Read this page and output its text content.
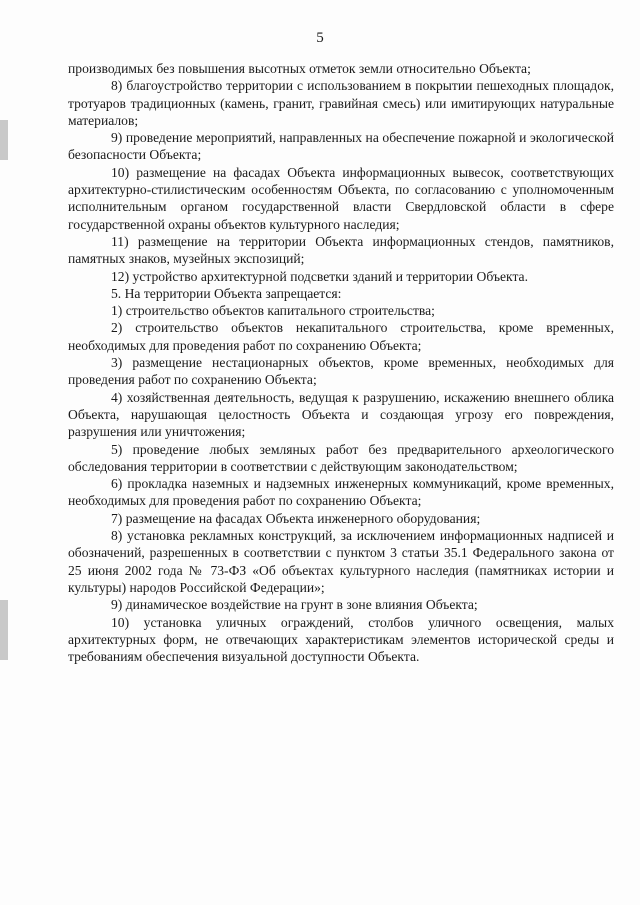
5

производимых без повышения высотных отметок земли относительно Объекта;

8) благоустройство территории с использованием в покрытии пешеходных площадок, тротуаров традиционных (камень, гранит, гравийная смесь) или имитирующих натуральные материалов;

9) проведение мероприятий, направленных на обеспечение пожарной и экологической безопасности Объекта;

10) размещение на фасадах Объекта информационных вывесок, соответствующих архитектурно-стилистическим особенностям Объекта, по согласованию с уполномоченным исполнительным органом государственной власти Свердловской области в сфере государственной охраны объектов культурного наследия;

11) размещение на территории Объекта информационных стендов, памятников, памятных знаков, музейных экспозиций;

12) устройство архитектурной подсветки зданий и территории Объекта.

5. На территории Объекта запрещается:

1) строительство объектов капитального строительства;

2) строительство объектов некапитального строительства, кроме временных, необходимых для проведения работ по сохранению Объекта;

3) размещение нестационарных объектов, кроме временных, необходимых для проведения работ по сохранению Объекта;

4) хозяйственная деятельность, ведущая к разрушению, искажению внешнего облика Объекта, нарушающая целостность Объекта и создающая угрозу его повреждения, разрушения или уничтожения;

5) проведение любых земляных работ без предварительного археологического обследования территории в соответствии с действующим законодательством;

6) прокладка наземных и надземных инженерных коммуникаций, кроме временных, необходимых для проведения работ по сохранению Объекта;

7) размещение на фасадах Объекта инженерного оборудования;

8) установка рекламных конструкций, за исключением информационных надписей и обозначений, разрешенных в соответствии с пунктом 3 статьи 35.1 Федерального закона от 25 июня 2002 года № 73-ФЗ «Об объектах культурного наследия (памятниках истории и культуры) народов Российской Федерации»;

9) динамическое воздействие на грунт в зоне влияния Объекта;

10) установка уличных ограждений, столбов уличного освещения, малых архитектурных форм, не отвечающих характеристикам элементов исторической среды и требованиям обеспечения визуальной доступности Объекта.
